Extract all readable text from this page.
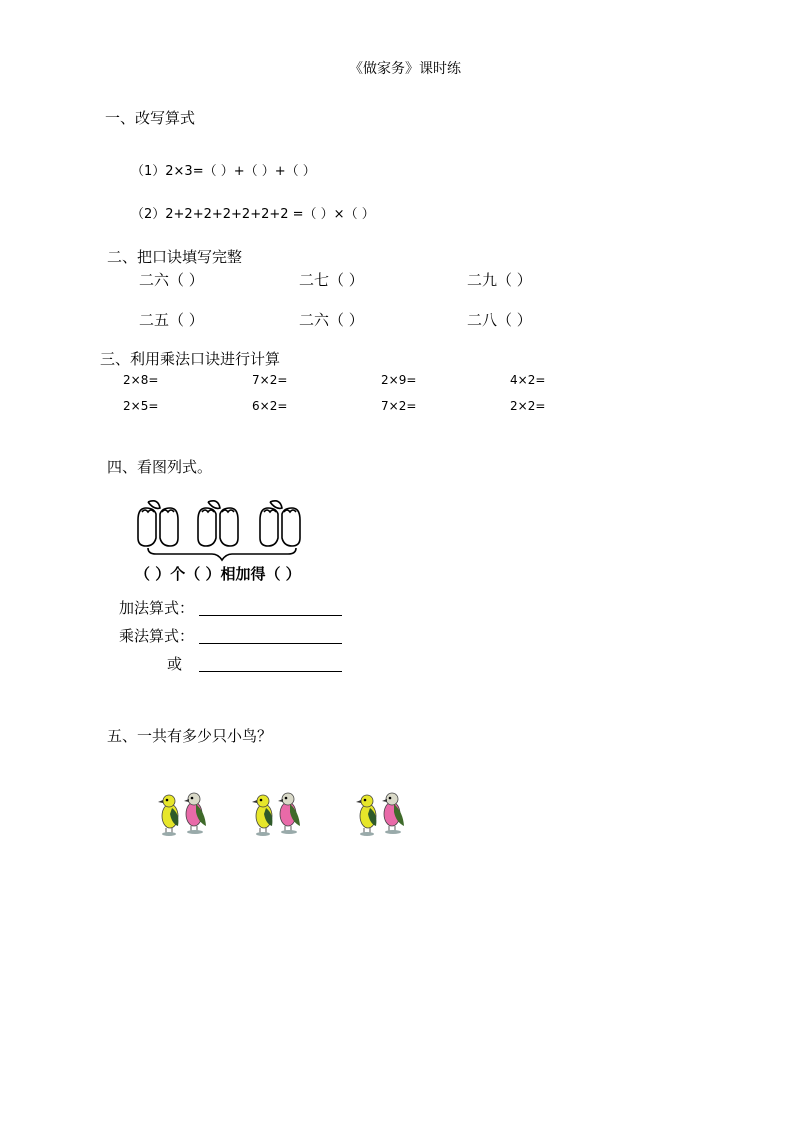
《做家务》课时练
一、改写算式
（1）2×3=（ ）+（ ）+（ ）
（2）2+2+2+2+2+2+2 =（ ）×（ ）
二、把口诀填写完整
二六（ ）	二七（ ）	二九（ ）
二五（ ）	二六（ ）	二八（ ）
三、利用乘法口诀进行计算
2×8=	7×2=	2×9=	4×2=
2×5=	6×2=	7×2=	2×2=
四、看图列式。
（ ）个（ ）相加得（ ）
加法算式：
乘法算式：
或
五、一共有多少只小鸟？
